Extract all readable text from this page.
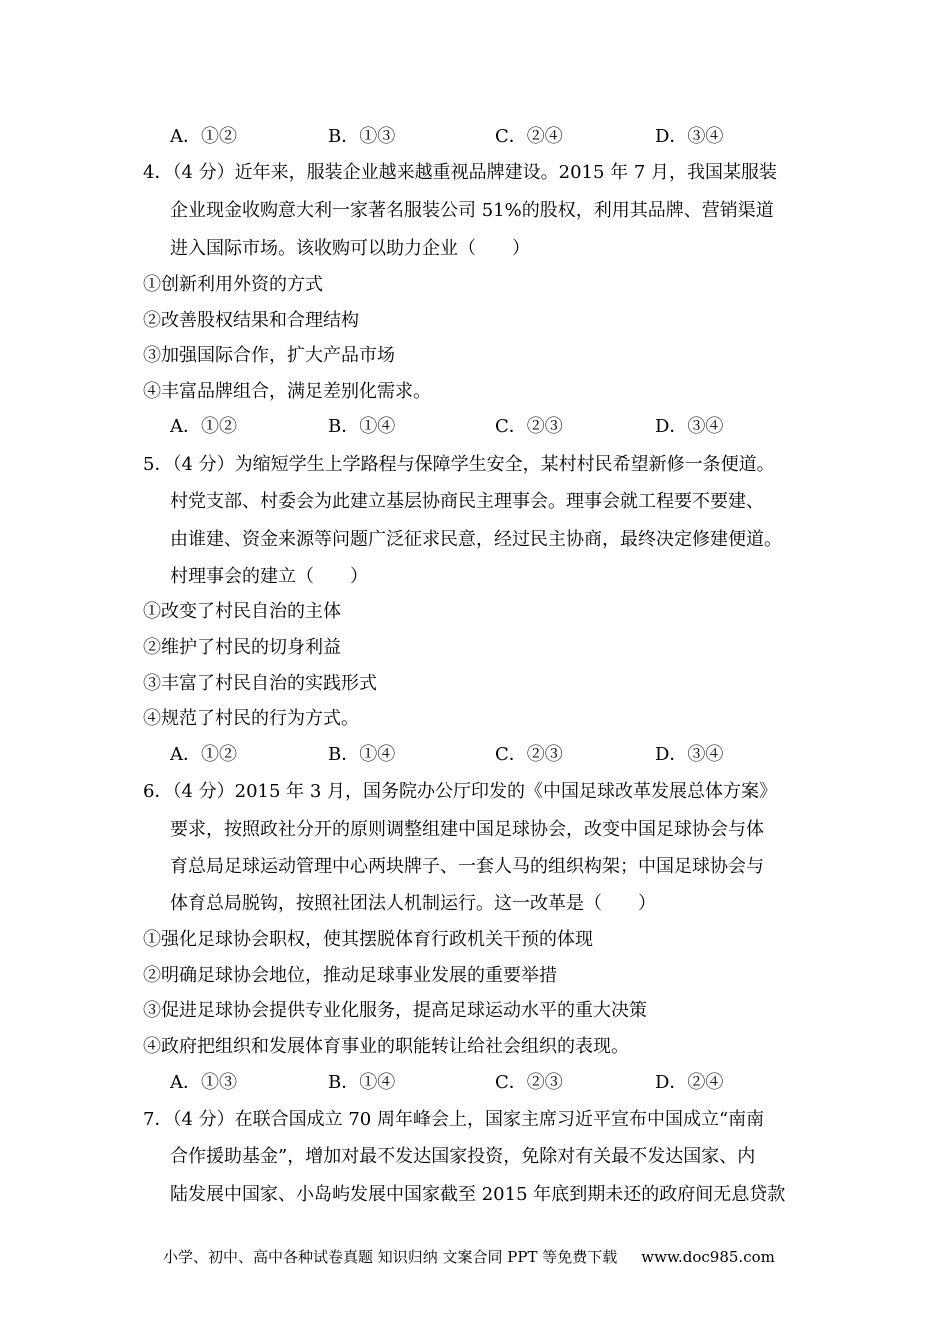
A．①②	B．①③	C．②④	D．③④
4．（4 分）近年来，服装企业越来越重视品牌建设。2015 年 7 月，我国某服装
企业现金收购意大利一家著名服装公司 51%的股权，利用其品牌、营销渠道
进入国际市场。该收购可以助力企业（　　）
①创新利用外资的方式
②改善股权结果和合理结构
③加强国际合作，扩大产品市场
④丰富品牌组合，满足差别化需求。
A．①②	B．①④	C．②③	D．③④
5．（4 分）为缩短学生上学路程与保障学生安全，某村村民希望新修一条便道。
村党支部、村委会为此建立基层协商民主理事会。理事会就工程要不要建、
由谁建、资金来源等问题广泛征求民意，经过民主协商，最终决定修建便道。
村理事会的建立（　　）
①改变了村民自治的主体
②维护了村民的切身利益
③丰富了村民自治的实践形式
④规范了村民的行为方式。
A．①②	B．①④	C．②③	D．③④
6．（4 分）2015 年 3 月，国务院办公厅印发的《中国足球改革发展总体方案》
要求，按照政社分开的原则调整组建中国足球协会，改变中国足球协会与体
育总局足球运动管理中心两块牌子、一套人马的组织构架；中国足球协会与
体育总局脱钩，按照社团法人机制运行。这一改革是（　　）
①强化足球协会职权，使其摆脱体育行政机关干预的体现
②明确足球协会地位，推动足球事业发展的重要举措
③促进足球协会提供专业化服务，提高足球运动水平的重大决策
④政府把组织和发展体育事业的职能转让给社会组织的表现。
A．①③	B．①④	C．②③	D．②④
7．（4 分）在联合国成立 70 周年峰会上，国家主席习近平宣布中国成立“南南
合作援助基金”，增加对最不发达国家投资，免除对有关最不发达国家、内
陆发展中国家、小岛屿发展中国家截至 2015 年底到期未还的政府间无息贷款
小学、初中、高中各种试卷真题 知识归纳 文案合同 PPT 等免费下载 www.doc985.com
